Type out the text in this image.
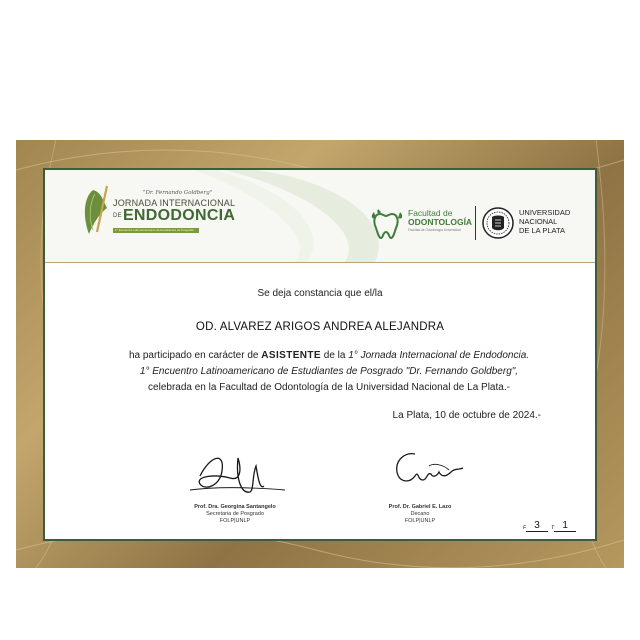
"Dr. Fernando Goldberg"
JORNADA INTERNACIONAL
DEENDODONCIA
1° Encuentro Latinoamericano de Estudiantes de Posgrado
Facultad de
ODONTOLOGÍA
Facultad de Odontología Universidad
UNIVERSIDAD
NACIONAL
DE LA PLATA
Se deja constancia que el/la
OD. ALVAREZ ARIGOS ANDREA ALEJANDRA
ha participado en carácter de ASISTENTE de la 1° Jornada Internacional de Endodoncia.
1° Encuentro Latinoamericano de Estudiantes de Posgrado "Dr. Fernando Goldberg",
celebrada en la Facultad de Odontología de la Universidad Nacional de La Plata.-
La Plata, 10 de octubre de 2024.-
Prof. Dra. Georgina Santangelo
Secretaria de Posgrado
FOLP|UNLP
Prof. Dr. Gabriel E. Lazo
Decano
FOLP|UNLP
F 3 T 1
